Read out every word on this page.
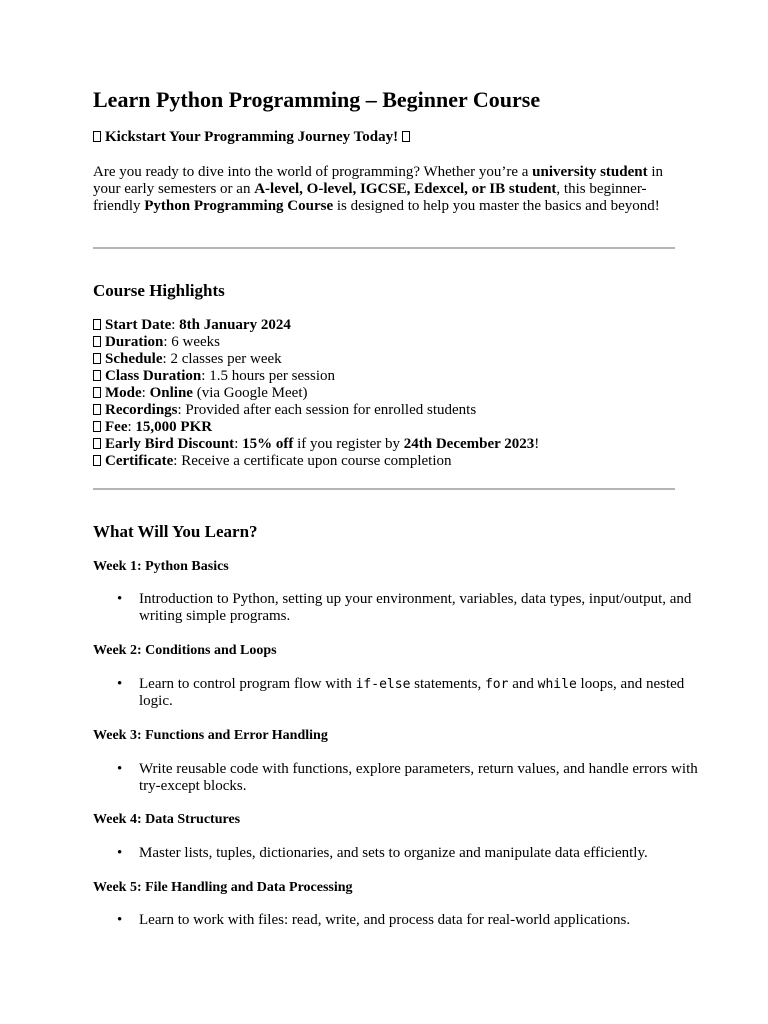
Learn Python Programming – Beginner Course

Kickstart Your Programming Journey Today!

Are you ready to dive into the world of programming? Whether you’re a university student in your early semesters or an A-level, O-level, IGCSE, Edexcel, or IB student, this beginner-friendly Python Programming Course is designed to help you master the basics and beyond!

Course Highlights
Start Date: 8th January 2024
Duration: 6 weeks
Schedule: 2 classes per week
Class Duration: 1.5 hours per session
Mode: Online (via Google Meet)
Recordings: Provided after each session for enrolled students
Fee: 15,000 PKR
Early Bird Discount: 15% off if you register by 24th December 2023!
Certificate: Receive a certificate upon course completion
What Will You Learn?

Week 1: Python Basics

• Introduction to Python, setting up your environment, variables, data types, input/output, and writing simple programs.

Week 2: Conditions and Loops

• Learn to control program flow with if-else statements, for and while loops, and nested logic.

Week 3: Functions and Error Handling

• Write reusable code with functions, explore parameters, return values, and handle errors with try-except blocks.

Week 4: Data Structures

• Master lists, tuples, dictionaries, and sets to organize and manipulate data efficiently.

Week 5: File Handling and Data Processing

• Learn to work with files: read, write, and process data for real-world applications.
